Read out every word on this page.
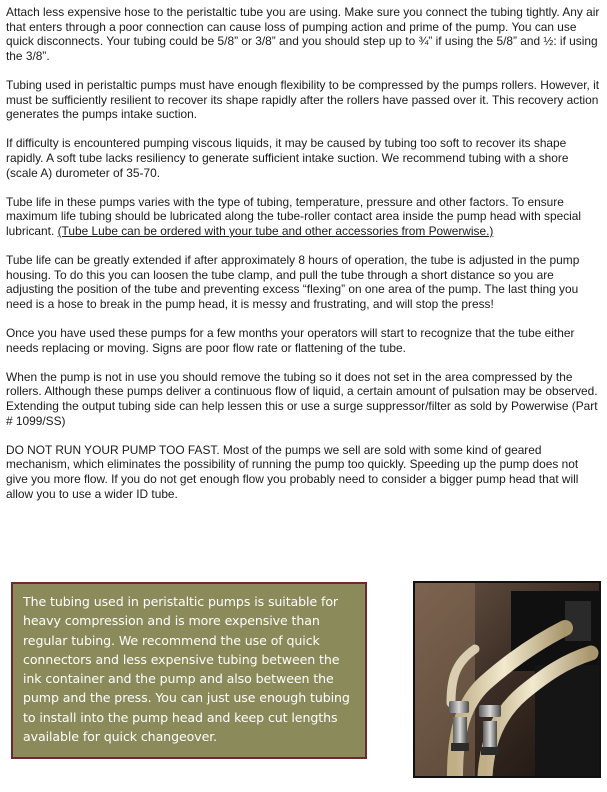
Attach less expensive hose to the peristaltic tube you are using. Make sure you connect the tubing tightly. Any air that enters through a poor connection can cause loss of pumping action and prime of the pump. You can use quick disconnects. Your tubing could be 5/8” or 3/8” and you should step up to ¾” if using the 5/8” and ½: if using the 3/8”.

Tubing used in peristaltic pumps must have enough flexibility to be compressed by the pumps rollers. However, it must be sufficiently resilient to recover its shape rapidly after the rollers have passed over it. This recovery action generates the pumps intake suction.

If difficulty is encountered pumping viscous liquids, it may be caused by tubing too soft to recover its shape rapidly. A soft tube lacks resiliency to generate sufficient intake suction. We recommend tubing with a shore (scale A) durometer of 35-70.

Tube life in these pumps varies with the type of tubing, temperature, pressure and other factors. To ensure maximum life tubing should be lubricated along the tube-roller contact area inside the pump head with special lubricant. (Tube Lube can be ordered with your tube and other accessories from Powerwise.)

Tube life can be greatly extended if after approximately 8 hours of operation, the tube is adjusted in the pump housing. To do this you can loosen the tube clamp, and pull the tube through a short distance so you are adjusting the position of the tube and preventing excess “flexing” on one area of the pump. The last thing you need is a hose to break in the pump head, it is messy and frustrating, and will stop the press!

Once you have used these pumps for a few months your operators will start to recognize that the tube either needs replacing or moving. Signs are poor flow rate or flattening of the tube.

When the pump is not in use you should remove the tubing so it does not set in the area compressed by the rollers. Although these pumps deliver a continuous flow of liquid, a certain amount of pulsation may be observed. Extending the output tubing side can help lessen this or use a surge suppressor/filter as sold by Powerwise (Part # 1099/SS)

DO NOT RUN YOUR PUMP TOO FAST. Most of the pumps we sell are sold with some kind of geared mechanism, which eliminates the possibility of running the pump too quickly. Speeding up the pump does not give you more flow. If you do not get enough flow you probably need to consider a bigger pump head that will allow you to use a wider ID tube.

The tubing used in peristaltic pumps is suitable for heavy compression and is more expensive than regular tubing. We recommend the use of quick connectors and less expensive tubing between the ink container and the pump and also between the pump and the press. You can just use enough tubing to install into the pump head and keep cut lengths available for quick changeover.
